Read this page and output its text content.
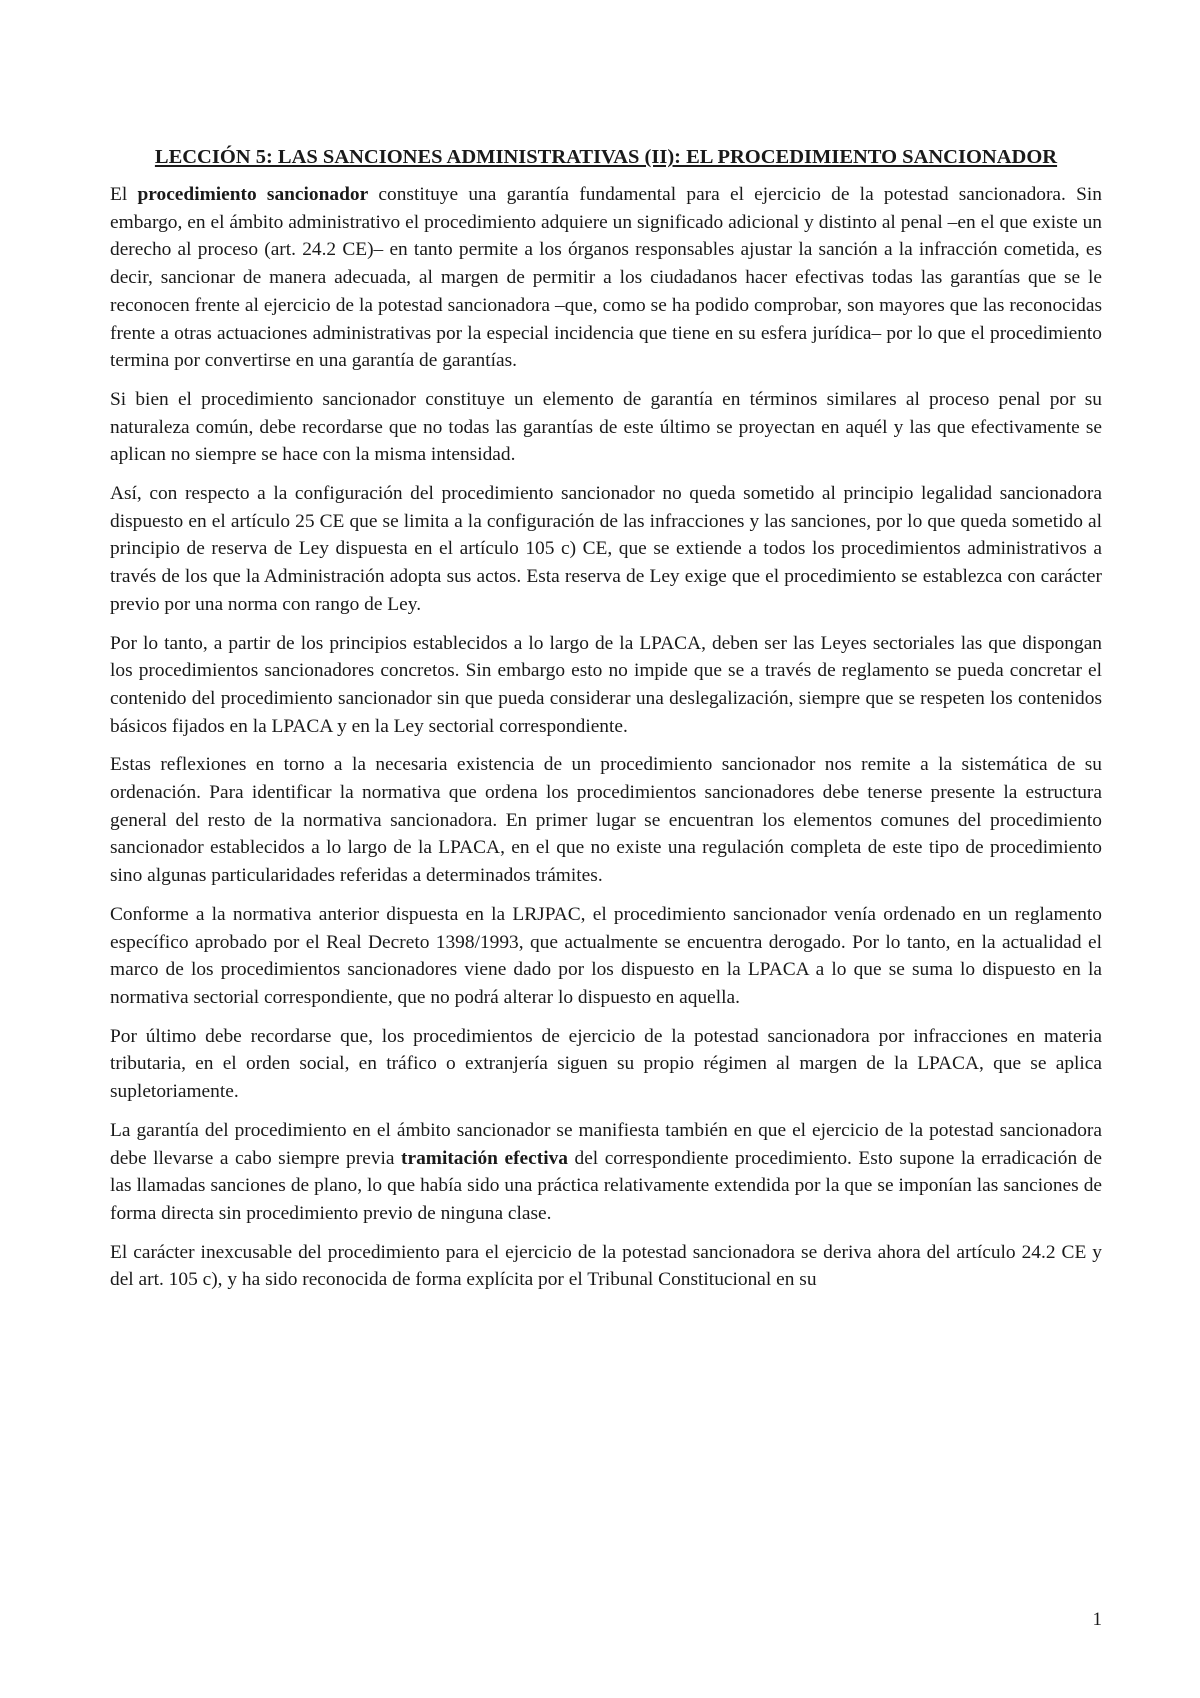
LECCIÓN 5: LAS SANCIONES ADMINISTRATIVAS (II): EL PROCEDIMIENTO SANCIONADOR

El procedimiento sancionador constituye una garantía fundamental para el ejercicio de la potestad sancionadora. Sin embargo, en el ámbito administrativo el procedimiento adquiere un significado adicional y distinto al penal –en el que existe un derecho al proceso (art. 24.2 CE)– en tanto permite a los órganos responsables ajustar la sanción a la infracción cometida, es decir, sancionar de manera adecuada, al margen de permitir a los ciudadanos hacer efectivas todas las garantías que se le reconocen frente al ejercicio de la potestad sancionadora –que, como se ha podido comprobar, son mayores que las reconocidas frente a otras actuaciones administrativas por la especial incidencia que tiene en su esfera jurídica– por lo que el procedimiento termina por convertirse en una garantía de garantías.

Si bien el procedimiento sancionador constituye un elemento de garantía en términos similares al proceso penal por su naturaleza común, debe recordarse que no todas las garantías de este último se proyectan en aquél y las que efectivamente se aplican no siempre se hace con la misma intensidad.

Así, con respecto a la configuración del procedimiento sancionador no queda sometido al principio legalidad sancionadora dispuesto en el artículo 25 CE que se limita a la configuración de las infracciones y las sanciones, por lo que queda sometido al principio de reserva de Ley dispuesta en el artículo 105 c) CE, que se extiende a todos los procedimientos administrativos a través de los que la Administración adopta sus actos. Esta reserva de Ley exige que el procedimiento se establezca con carácter previo por una norma con rango de Ley.

Por lo tanto, a partir de los principios establecidos a lo largo de la LPACA, deben ser las Leyes sectoriales las que dispongan los procedimientos sancionadores concretos. Sin embargo esto no impide que se a través de reglamento se pueda concretar el contenido del procedimiento sancionador sin que pueda considerar una deslegalización, siempre que se respeten los contenidos básicos fijados en la LPACA y en la Ley sectorial correspondiente.

Estas reflexiones en torno a la necesaria existencia de un procedimiento sancionador nos remite a la sistemática de su ordenación. Para identificar la normativa que ordena los procedimientos sancionadores debe tenerse presente la estructura general del resto de la normativa sancionadora. En primer lugar se encuentran los elementos comunes del procedimiento sancionador establecidos a lo largo de la LPACA, en el que no existe una regulación completa de este tipo de procedimiento sino algunas particularidades referidas a determinados trámites.

Conforme a la normativa anterior dispuesta en la LRJPAC, el procedimiento sancionador venía ordenado en un reglamento específico aprobado por el Real Decreto 1398/1993, que actualmente se encuentra derogado. Por lo tanto, en la actualidad el marco de los procedimientos sancionadores viene dado por los dispuesto en la LPACA a lo que se suma lo dispuesto en la normativa sectorial correspondiente, que no podrá alterar lo dispuesto en aquella.

Por último debe recordarse que, los procedimientos de ejercicio de la potestad sancionadora por infracciones en materia tributaria, en el orden social, en tráfico o extranjería siguen su propio régimen al margen de la LPACA, que se aplica supletoriamente.

La garantía del procedimiento en el ámbito sancionador se manifiesta también en que el ejercicio de la potestad sancionadora debe llevarse a cabo siempre previa tramitación efectiva del correspondiente procedimiento. Esto supone la erradicación de las llamadas sanciones de plano, lo que había sido una práctica relativamente extendida por la que se imponían las sanciones de forma directa sin procedimiento previo de ninguna clase.

El carácter inexcusable del procedimiento para el ejercicio de la potestad sancionadora se deriva ahora del artículo 24.2 CE y del art. 105 c), y ha sido reconocida de forma explícita por el Tribunal Constitucional en su

1
